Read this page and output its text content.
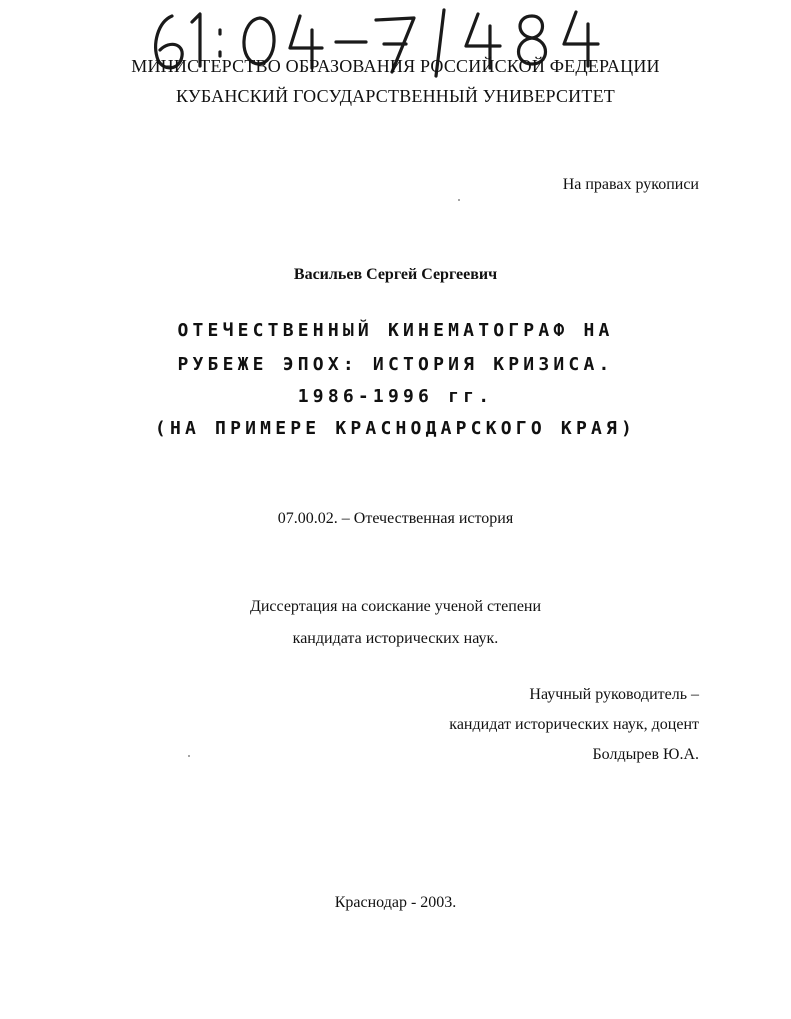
МИНИСТЕРСТВО ОБРАЗОВАНИЯ РОССИЙСКОЙ ФЕДЕРАЦИИ
КУБАНСКИЙ ГОСУДАРСТВЕННЫЙ УНИВЕРСИТЕТ
На правах рукописи
Васильев Сергей Сергеевич
ОТЕЧЕСТВЕННЫЙ КИНЕМАТОГРАФ НА
РУБЕЖЕ ЭПОХ: ИСТОРИЯ КРИЗИСА.
1986-1996 гг.
(НА ПРИМЕРЕ КРАСНОДАРСКОГО КРАЯ)
07.00.02. – Отечественная история
Диссертация на соискание ученой степени
кандидата исторических наук.
Научный руководитель –
кандидат исторических наук, доцент
Болдырев Ю.А.
Краснодар - 2003.
